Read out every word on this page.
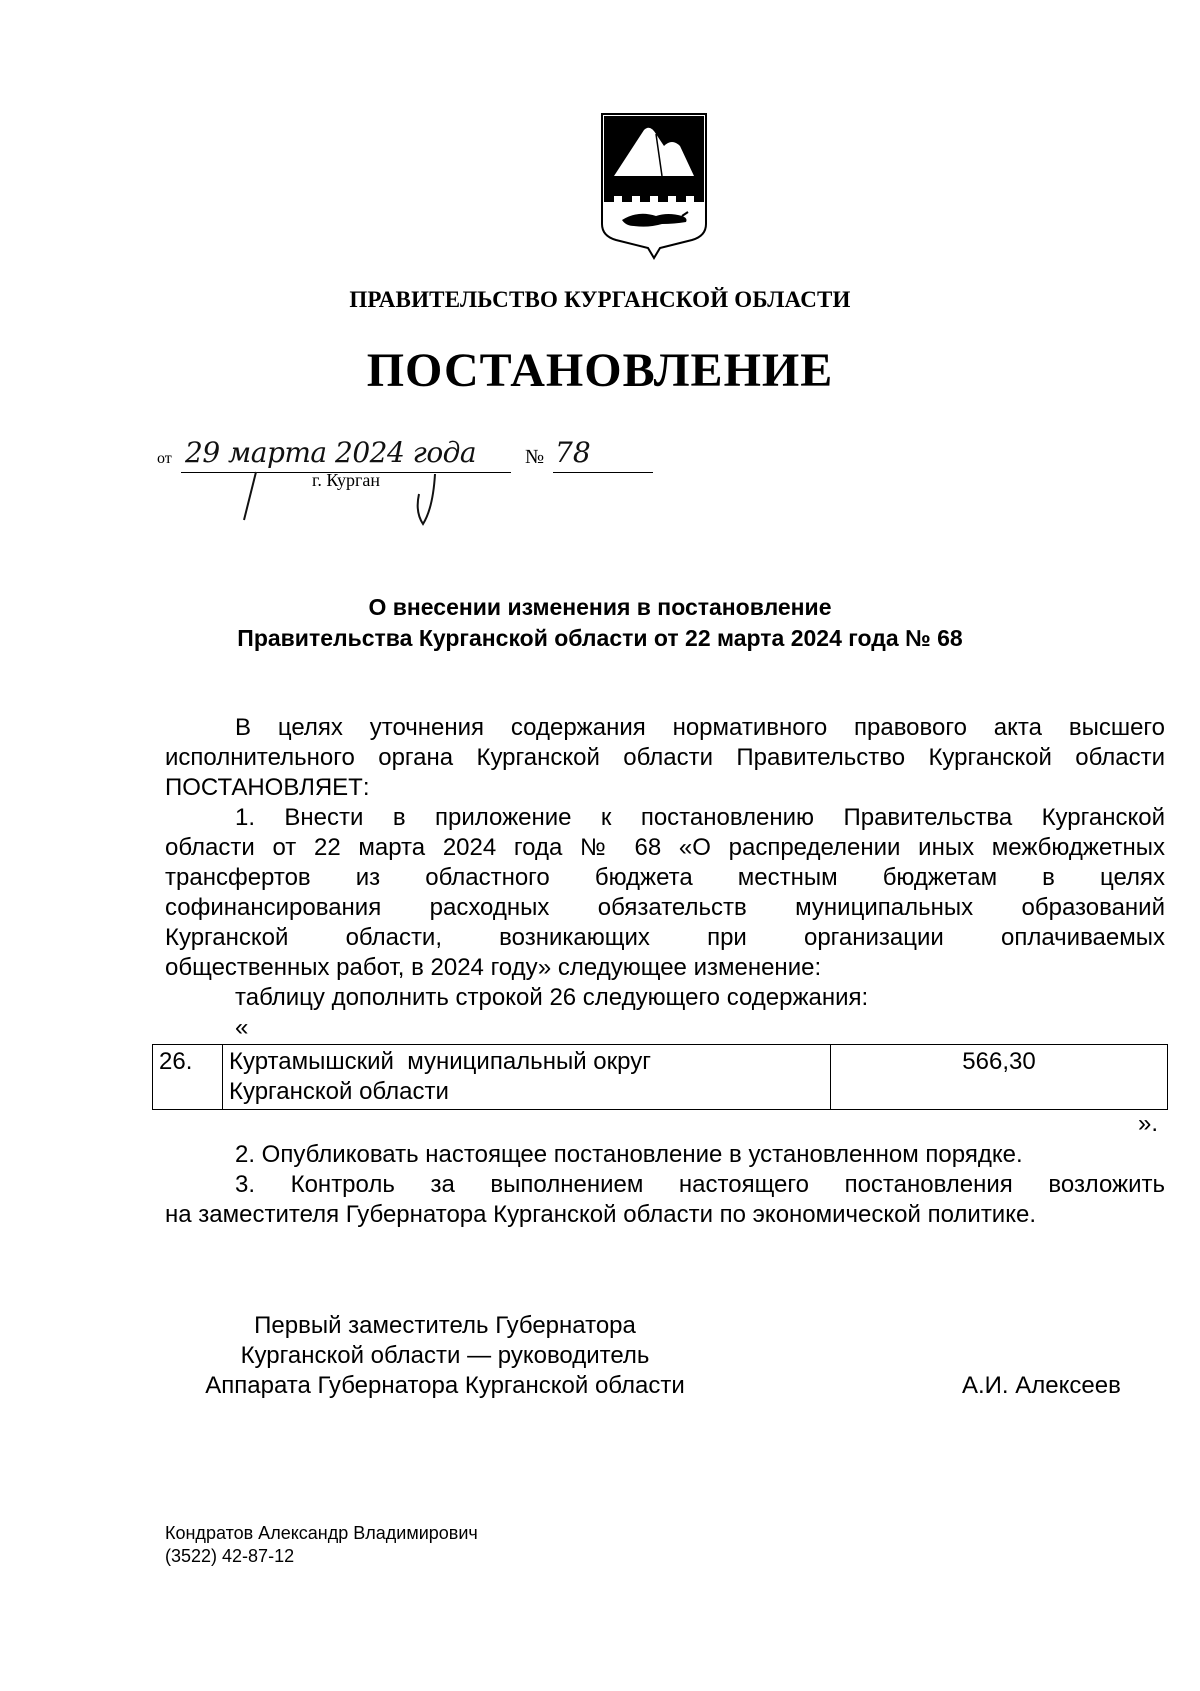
ПРАВИТЕЛЬСТВО КУРГАНСКОЙ ОБЛАСТИ
ПОСТАНОВЛЕНИЕ
от 29 марта 2024 года № 78
г. Курган
О внесении изменения в постановление
Правительства Курганской области от 22 марта 2024 года № 68
В целях уточнения содержания нормативного правового акта высшего
исполнительного органа Курганской области Правительство Курганской области
ПОСТАНОВЛЯЕТ:
1. Внести в приложение к постановлению Правительства Курганской
области от 22 марта 2024 года № 68 «О распределении иных межбюджетных
трансфертов из областного бюджета местным бюджетам в целях
софинансирования расходных обязательств муниципальных образований
Курганской области, возникающих при организации оплачиваемых
общественных работ, в 2024 году» следующее изменение:
таблицу дополнить строкой 26 следующего содержания:
«
26.	Куртамышский  муниципальный округ
Курганской области
	566,30
».
2. Опубликовать настоящее постановление в установленном порядке.
3. Контроль за выполнением настоящего постановления возложить
на заместителя Губернатора Курганской области по экономической политике.
Первый заместитель Губернатора
Курганской области — руководитель
Аппарата Губернатора Курганской области	А.И. Алексеев
Кондратов Александр Владимирович
(3522) 42-87-12
